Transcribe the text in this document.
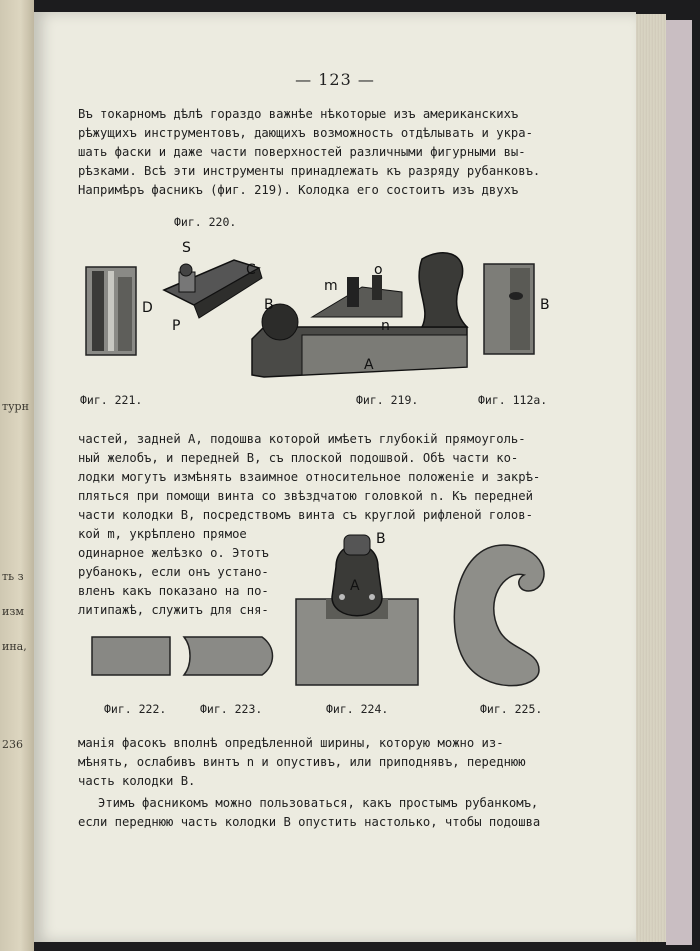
турн
ть з
изм
ина,
236
— 123 —
Въ токарномъ дѣлѣ гораздо важнѣе нѣкоторые изъ американскихъ
рѣжущихъ инструментовъ, дающихъ возможность отдѣлывать и укра-
шать фаски и даже части поверхностей различными фигурными вы-
рѣзками. Всѣ эти инструменты принадлежать къ разряду рубанковъ.
Напримѣръ фасникъ (фиг. 219). Колодка его состоитъ изъ двухъ
Фиг. 220.
D
S
C
P
m
o
B
n
A
B
Фиг. 221.	Фиг. 219.	Фиг. 112a.
частей, задней A, подошва которой имѣетъ глубокій прямоуголь-
ный желобъ, и передней B, съ плоской подошвой. Обѣ части ко-
лодки могутъ измѣнять взаимное относительное положеніе и закрѣ-
пляться при помощи винта со звѣздчатою головкой n. Къ передней
части колодки B, посредствомъ винта съ круглой рифленой голов-
кой m, укрѣплено прямое
одинарное желѣзко o. Этотъ
рубанокъ, если онъ устано-
вленъ какъ показано на по-
литипажѣ, служитъ для сня-
B
A
Фиг. 222.	Фиг. 223.	Фиг. 224.	Фиг. 225.
манія фасокъ вполнѣ опредѣленной ширины, которую можно из-
мѣнять, ослабивъ винтъ n и опустивъ, или приподнявъ, переднюю
часть колодки B.
Этимъ фасникомъ можно пользоваться, какъ простымъ рубанкомъ,
если переднюю часть колодки B опустить настолько, чтобы подошва
